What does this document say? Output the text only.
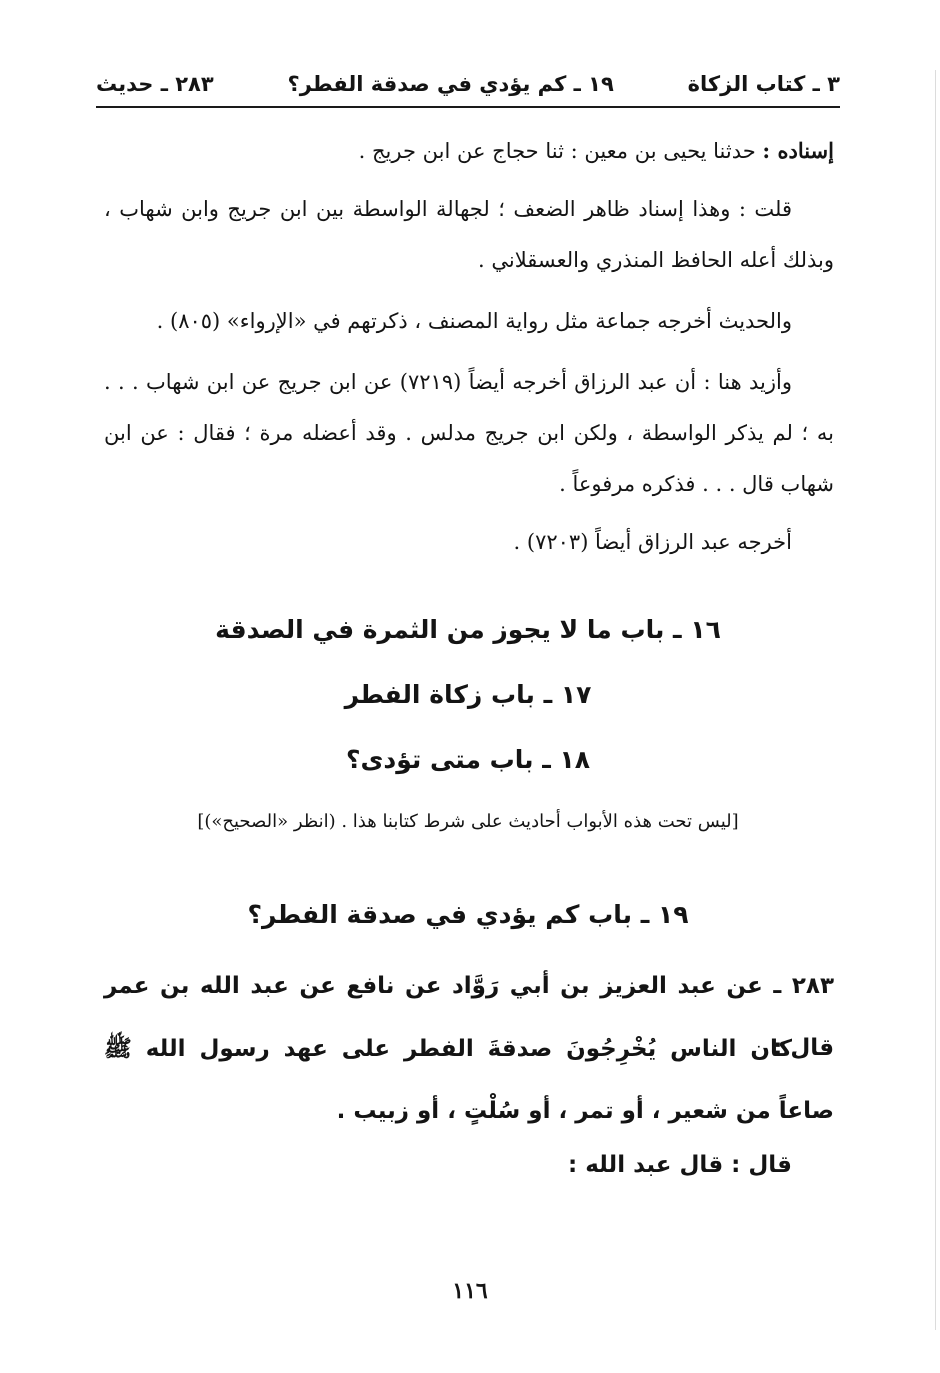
٣ ـ كتاب الزكاة
١٩ ـ كم يؤدي في صدقة الفطر؟
٢٨٣ ـ حديث
إسناده : حدثنا يحيى بن معين : ثنا حجاج عن ابن جريج .
قلت : وهذا إسناد ظاهر الضعف ؛ لجهالة الواسطة بين ابن جريج وابن شهاب ، وبذلك أعله الحافظ المنذري والعسقلاني .
والحديث أخرجه جماعة مثل رواية المصنف ، ذكرتهم في «الإرواء» (٨٠٥) .
وأزيد هنا : أن عبد الرزاق أخرجه أيضاً (٧٢١٩) عن ابن جريج عن ابن شهاب . . . به ؛ لم يذكر الواسطة ، ولكن ابن جريج مدلس . وقد أعضله مرة ؛ فقال : عن ابن شهاب قال . . . فذكره مرفوعاً .
أخرجه عبد الرزاق أيضاً (٧٢٠٣) .
١٦ ـ باب ما لا يجوز من الثمرة في الصدقة
١٧ ـ باب زكاة الفطر
١٨ ـ باب متى تؤدى؟
[ليس تحت هذه الأبواب أحاديث على شرط كتابنا هذا . (انظر «الصحيح»)]
١٩ ـ باب كم يؤدي في صدقة الفطر؟
٢٨٣ ـ عن عبد العزيز بن أبي رَوَّاد عن نافع عن عبد الله بن عمر قال :
كان الناس يُخْرِجُونَ صدقةَ الفطر على عهد رسول الله ﷺ صاعاً من شعير ، أو تمر ، أو سُلْتٍ ، أو زبيب .
قال : قال عبد الله :
١١٦
